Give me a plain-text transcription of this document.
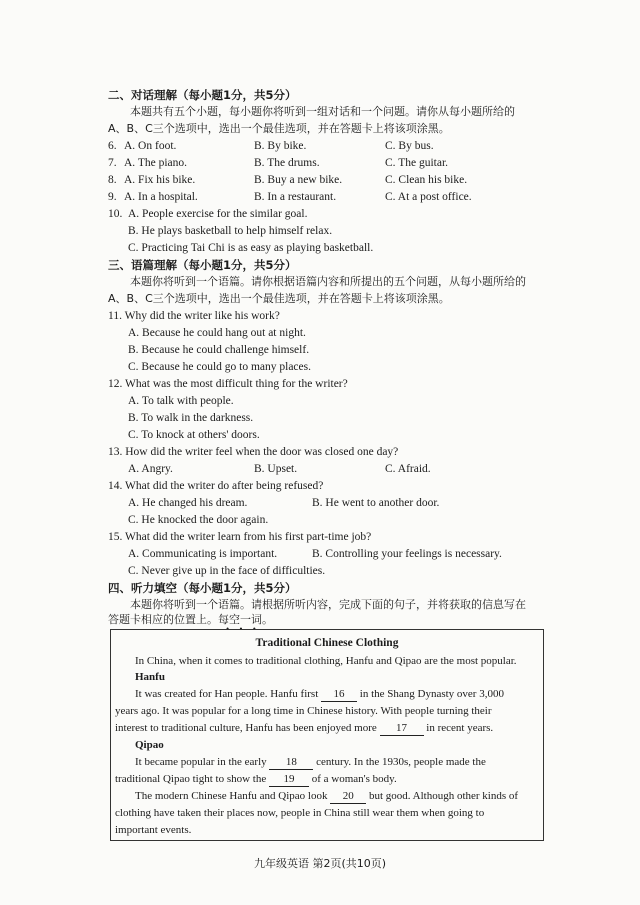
二、对话理解（每小题1分，共5分）
本题共有五个小题，每小题你将听到一组对话和一个问题。请你从每小题所给的
A、B、C三个选项中，选出一个最佳选项，并在答题卡上将该项涂黑。
6. A. On foot.	B. By bike.	C. By bus.
7. A. The piano.	B. The drums.	C. The guitar.
8. A. Fix his bike.	B. Buy a new bike.	C. Clean his bike.
9. A. In a hospital.	B. In a restaurant.	C. At a post office.
10. A. People exercise for the similar goal.
B. He plays basketball to help himself relax.
C. Practicing Tai Chi is as easy as playing basketball.
三、语篇理解（每小题1分，共5分）
本题你将听到一个语篇。请你根据语篇内容和所提出的五个问题，从每小题所给的
A、B、C三个选项中，选出一个最佳选项，并在答题卡上将该项涂黑。
11. Why did the writer like his work?
A. Because he could hang out at night.
B. Because he could challenge himself.
C. Because he could go to many places.
12. What was the most difficult thing for the writer?
A. To talk with people.
B. To walk in the darkness.
C. To knock at others' doors.
13. How did the writer feel when the door was closed one day?
A. Angry.	B. Upset.	C. Afraid.
14. What did the writer do after being refused?
A. He changed his dream.	B. He went to another door.
C. He knocked the door again.
15. What did the writer learn from his first part-time job?
A. Communicating is important.	B. Controlling your feelings is necessary.
C. Never give up in the face of difficulties.
四、听力填空（每小题1分，共5分）
本题你将听到一个语篇。请根据所听内容，完成下面的句子，并将获取的信息写在
答题卡相应的位置上。每空一词。
• • •
Traditional Chinese Clothing
In China, when it comes to traditional clothing, Hanfu and Qipao are the most popular.
Hanfu
It was created for Han people. Hanfu first 16 in the Shang Dynasty over 3,000
years ago. It was popular for a long time in Chinese history. With people turning their
interest to traditional culture, Hanfu has been enjoyed more 17 in recent years.
Qipao
It became popular in the early 18 century. In the 1930s, people made the
traditional Qipao tight to show the 19 of a woman's body.
The modern Chinese Hanfu and Qipao look 20 but good. Although other kinds of
clothing have taken their places now, people in China still wear them when going to
important events.
九年级英语 第2页(共10页)
